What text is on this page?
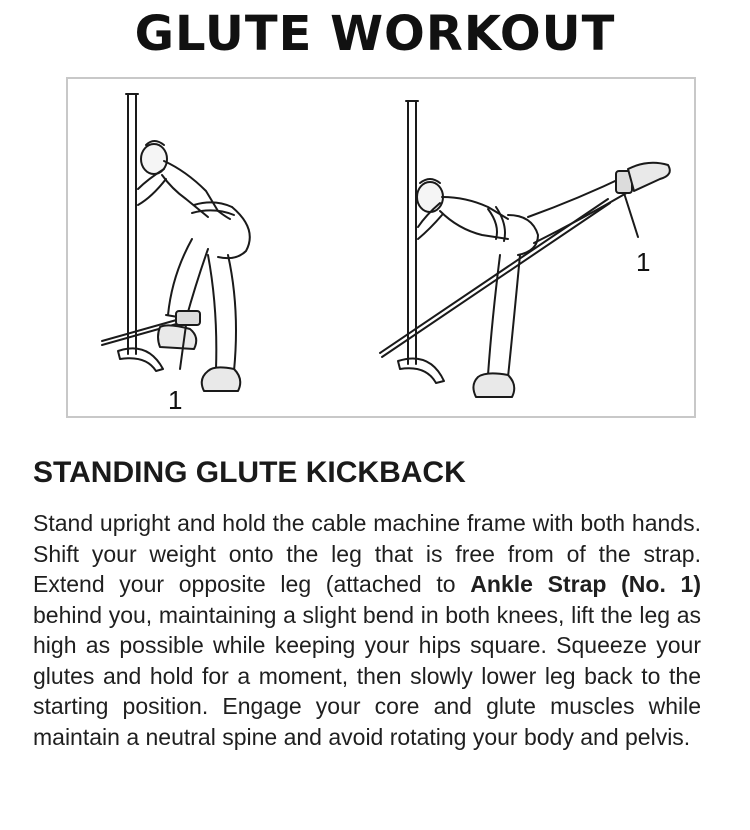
GLUTE WORKOUT
1
1
STANDING GLUTE KICKBACK
Stand upright and hold the cable machine frame with both hands. Shift your weight onto the leg that is free from of the strap. Extend your opposite leg (attached to Ankle Strap (No. 1) behind you, maintaining a slight bend in both knees, lift the leg as high as possible while keeping your hips square. Squeeze your glutes and hold for a moment, then slowly lower leg back to the starting position. Engage your core and glute muscles while maintain a neutral spine and avoid rotating your body and pelvis.
